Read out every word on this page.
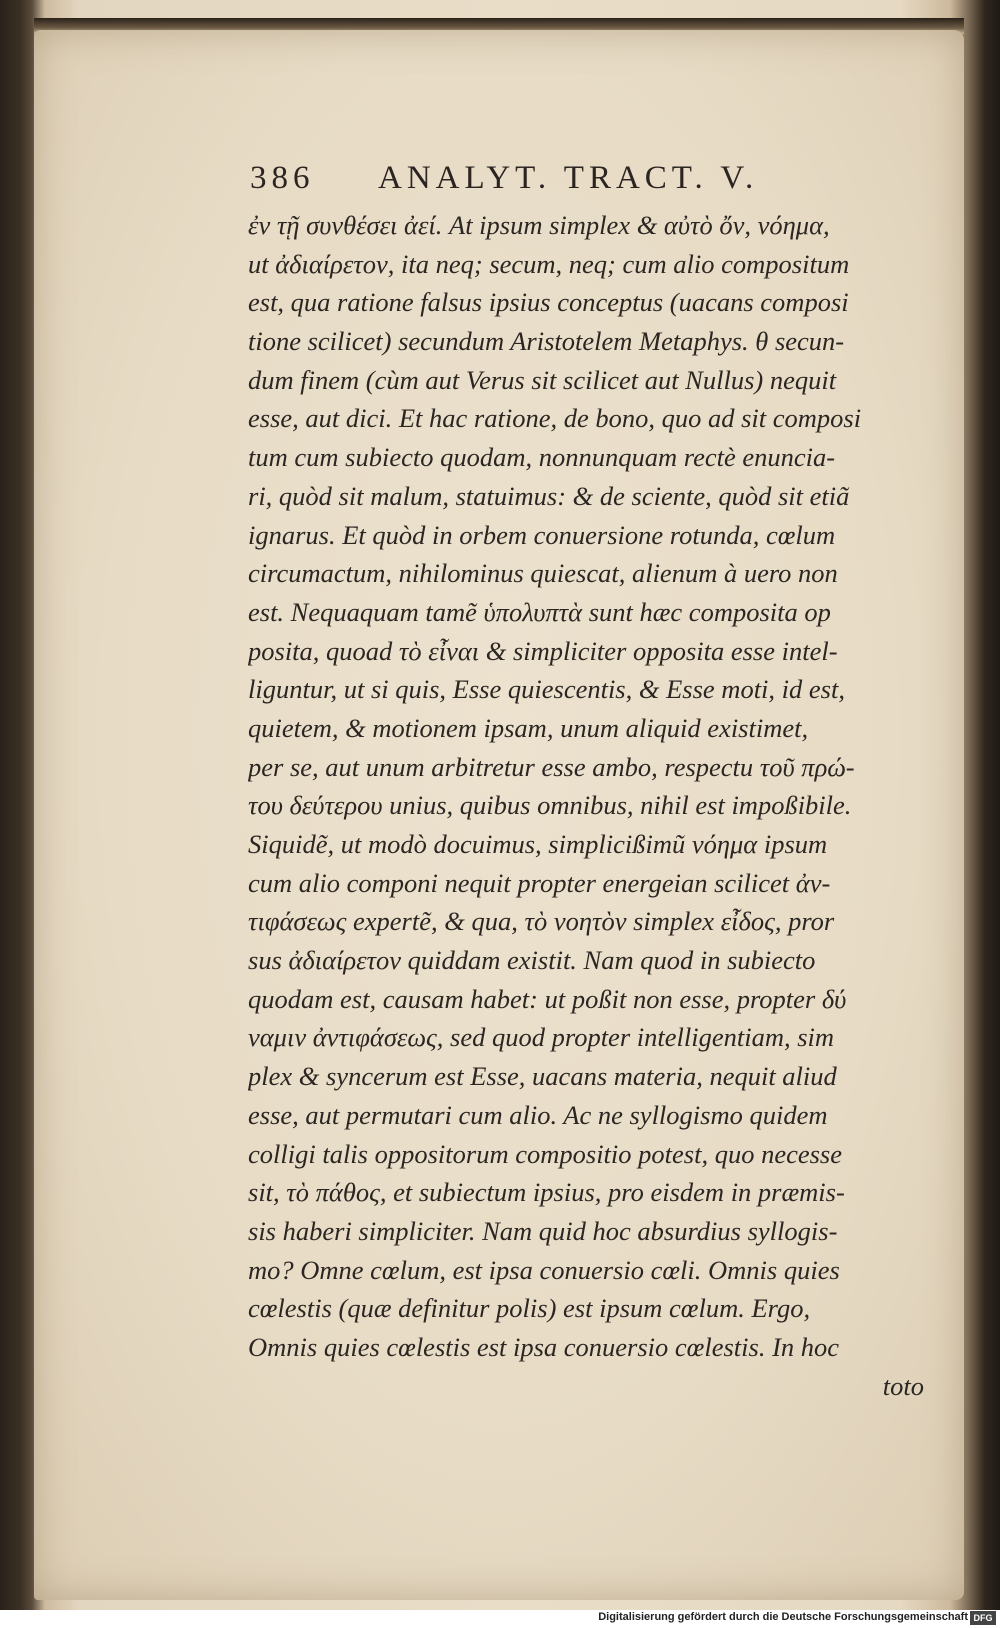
386 ANALYT. TRACT. V.
ἐν τῇ συνθέσει ἀεί. At ipsum simplex & αὐτὸ ὄν, νόημα,
ut ἀδιαίρετον, ita neq; secum, neq; cum alio compositum
est, qua ratione falsus ipsius conceptus (uacans composi
tione scilicet) secundum Aristotelem Metaphys. θ secun-
dum finem (cùm aut Verus sit scilicet aut Nullus) nequit
esse, aut dici. Et hac ratione, de bono, quo ad sit composi
tum cum subiecto quodam, nonnunquam rectè enuncia-
ri, quòd sit malum, statuimus: & de sciente, quòd sit etiã
ignarus. Et quòd in orbem conuersione rotunda, cœlum
circumactum, nihilominus quiescat, alienum à uero non
est. Nequaquam tamẽ ὑπολυπτὰ sunt hæc composita op
posita, quoad τὸ εἶναι & simpliciter opposita esse intel-
liguntur, ut si quis, Esse quiescentis, & Esse moti, id est,
quietem, & motionem ipsam, unum aliquid existimet,
per se, aut unum arbitretur esse ambo, respectu τοῦ πρώ-
του δεύτερου unius, quibus omnibus, nihil est impoßibile.
Siquidẽ, ut modò docuimus, simplicißimũ νόημα ipsum
cum alio componi nequit propter energeian scilicet ἀν-
τιφάσεως expertẽ, & qua, τὸ νοητὸν simplex εἶδος, pror
sus ἀδιαίρετον quiddam existit. Nam quod in subiecto
quodam est, causam habet: ut poßit non esse, propter δύ
ναμιν ἀντιφάσεως, sed quod propter intelligentiam, sim
plex & syncerum est Esse, uacans materia, nequit aliud
esse, aut permutari cum alio. Ac ne syllogismo quidem
colligi talis oppositorum compositio potest, quo necesse
sit, τὸ πάθος, et subiectum ipsius, pro eisdem in præmis-
sis haberi simpliciter. Nam quid hoc absurdius syllogis-
mo? Omne cœlum, est ipsa conuersio cœli. Omnis quies
cœlestis (quæ definitur polis) est ipsum cœlum. Ergo,
Omnis quies cœlestis est ipsa conuersio cœlestis. In hoc
toto
Digitalisierung gefördert durch die Deutsche Forschungsgemeinschaft DFG
